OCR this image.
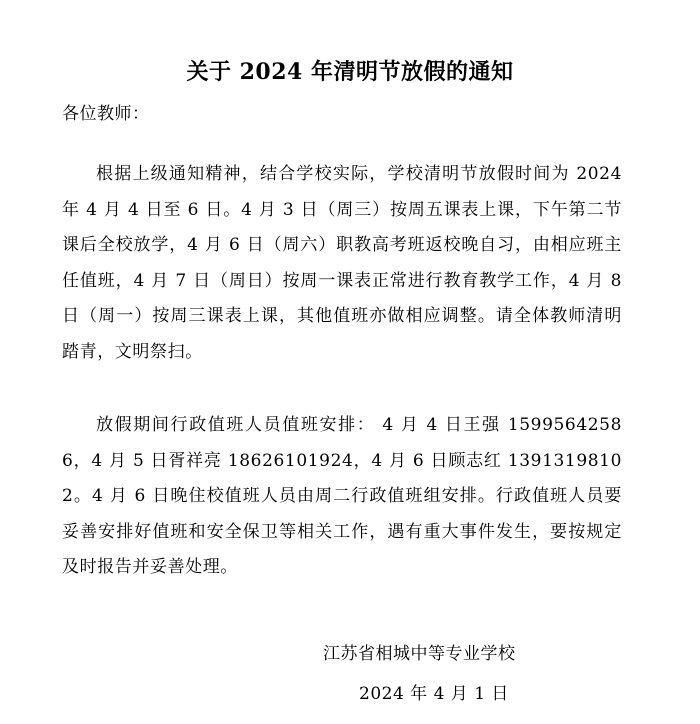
关于 2024 年清明节放假的通知
各位教师：

根据上级通知精神，结合学校实际，学校清明节放假时间为 2024 年 4 月 4 日至 6 日。4 月 3 日（周三）按周五课表上课，下午第二节课后全校放学，4 月 6 日（周六）职教高考班返校晚自习，由相应班主任值班，4 月 7 日（周日）按周一课表正常进行教育教学工作，4 月 8 日（周一）按周三课表上课，其他值班亦做相应调整。请全体教师清明踏青，文明祭扫。

放假期间行政值班人员值班安排： 4 月 4 日王强 15995642586，4 月 5 日胥祥亮 18626101924，4 月 6 日顾志红 13913198102。4 月 6 日晚住校值班人员由周二行政值班组安排。行政值班人员要妥善安排好值班和安全保卫等相关工作，遇有重大事件发生，要按规定及时报告并妥善处理。

江苏省相城中等专业学校
2024 年 4 月 1 日
